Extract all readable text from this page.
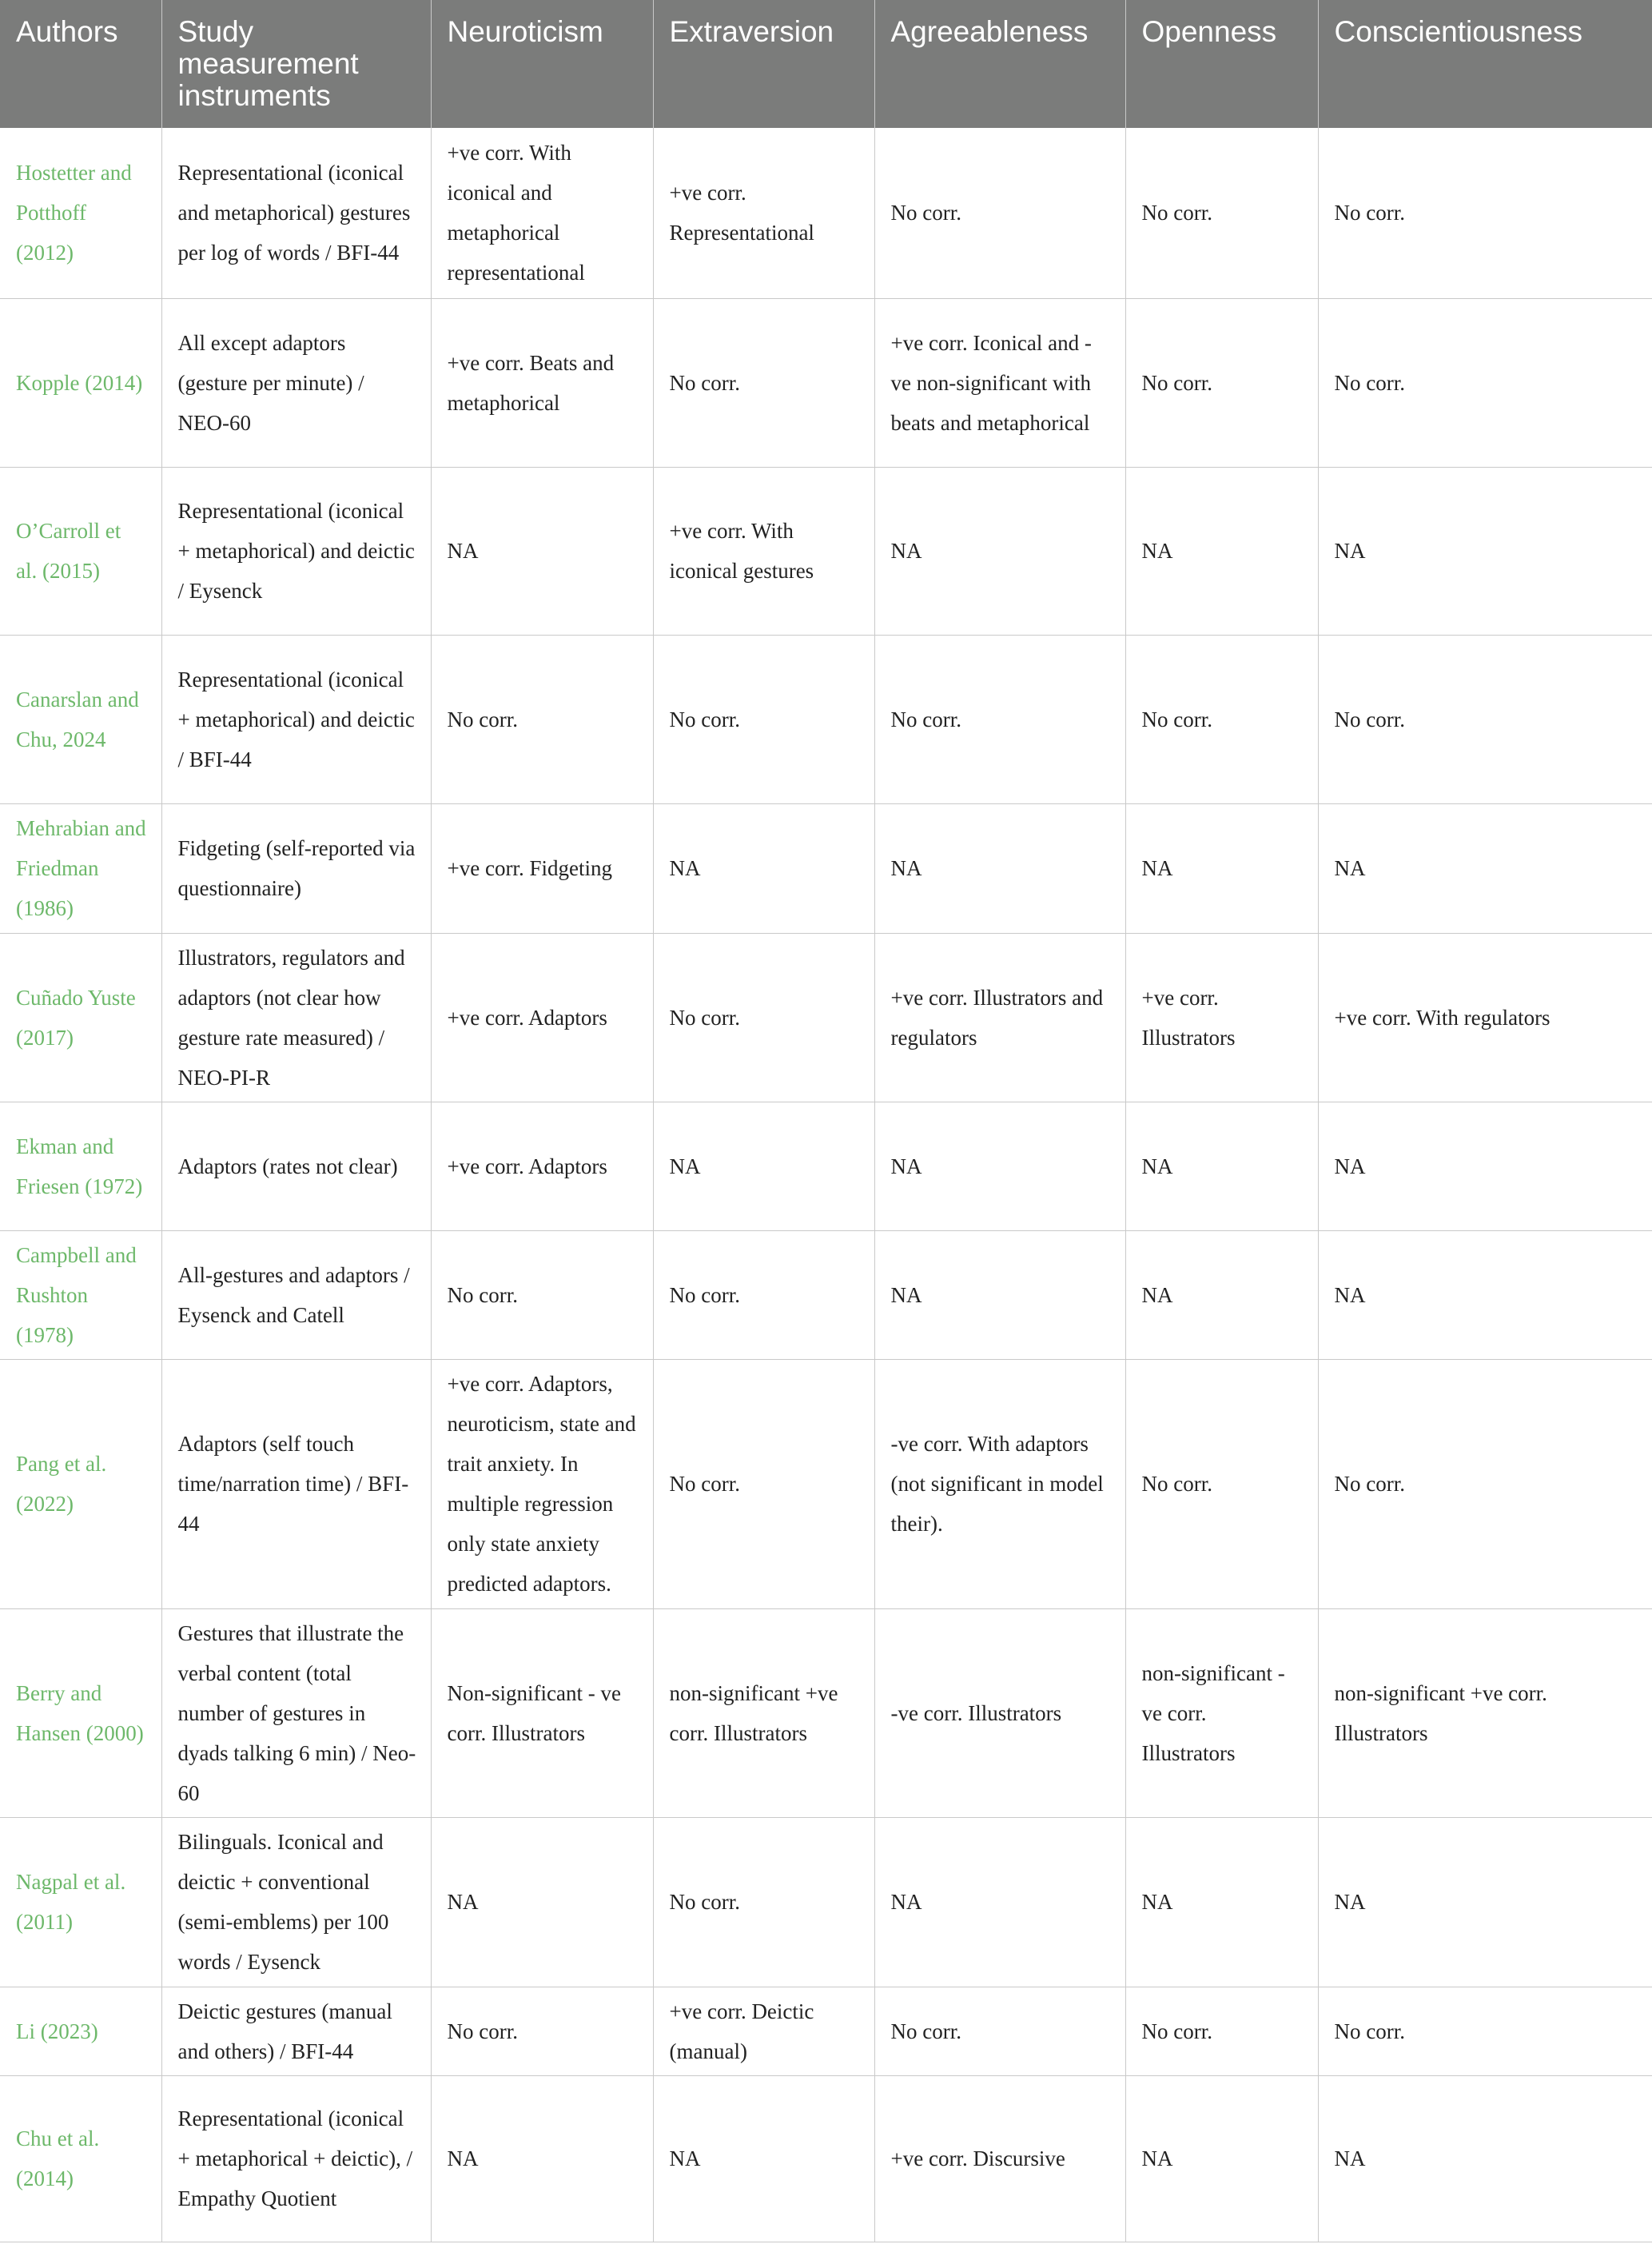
Authors	Study measurement instruments	Neuroticism	Extraversion	Agreeableness	Openness	Conscientiousness

Hostetter and Potthoff (2012)	Representational (iconical and metaphorical) gestures per log of words / BFI-44	+ve corr. With iconical and metaphorical representational	+ve corr. Representational	No corr.	No corr.	No corr.

Kopple (2014)	All except adaptors (gesture per minute) / NEO-60	+ve corr. Beats and metaphorical	No corr.	+ve corr. Iconical and -ve non-significant with beats and metaphorical	No corr.	No corr.

O’Carroll et al. (2015)	Representational (iconical + metaphorical) and deictic / Eysenck	NA	+ve corr. With iconical gestures	NA	NA	NA

Canarslan and Chu, 2024	Representational (iconical + metaphorical) and deictic / BFI-44	No corr.	No corr.	No corr.	No corr.	No corr.

Mehrabian and Friedman (1986)	Fidgeting (self-reported via questionnaire)	+ve corr. Fidgeting	NA	NA	NA	NA

Cuñado Yuste (2017)	Illustrators, regulators and adaptors (not clear how gesture rate measured) / NEO-PI-R	+ve corr. Adaptors	No corr.	+ve corr. Illustrators and regulators	+ve corr. Illustrators	+ve corr. With regulators

Ekman and Friesen (1972)	Adaptors (rates not clear)	+ve corr. Adaptors	NA	NA	NA	NA

Campbell and Rushton (1978)	All-gestures and adaptors / Eysenck and Catell	No corr.	No corr.	NA	NA	NA

Pang et al. (2022)	Adaptors (self touch time/narration time) / BFI-44	+ve corr. Adaptors, neuroticism, state and trait anxiety. In multiple regression only state anxiety predicted adaptors.	No corr.	-ve corr. With adaptors (not significant in model their).	No corr.	No corr.

Berry and Hansen (2000)	Gestures that illustrate the verbal content (total number of gestures in dyads talking 6 min) / Neo-60	Non-significant - ve corr. Illustrators	non-significant +ve corr. Illustrators	-ve corr. Illustrators	non-significant -ve corr. Illustrators	non-significant +ve corr. Illustrators

Nagpal et al. (2011)	Bilinguals. Iconical and deictic + conventional (semi-emblems) per 100 words / Eysenck	NA	No corr.	NA	NA	NA

Li (2023)	Deictic gestures (manual and others) / BFI-44	No corr.	+ve corr. Deictic (manual)	No corr.	No corr.	No corr.

Chu et al. (2014)	Representational (iconical + metaphorical + deictic), / Empathy Quotient	NA	NA	+ve corr. Discursive	NA	NA
